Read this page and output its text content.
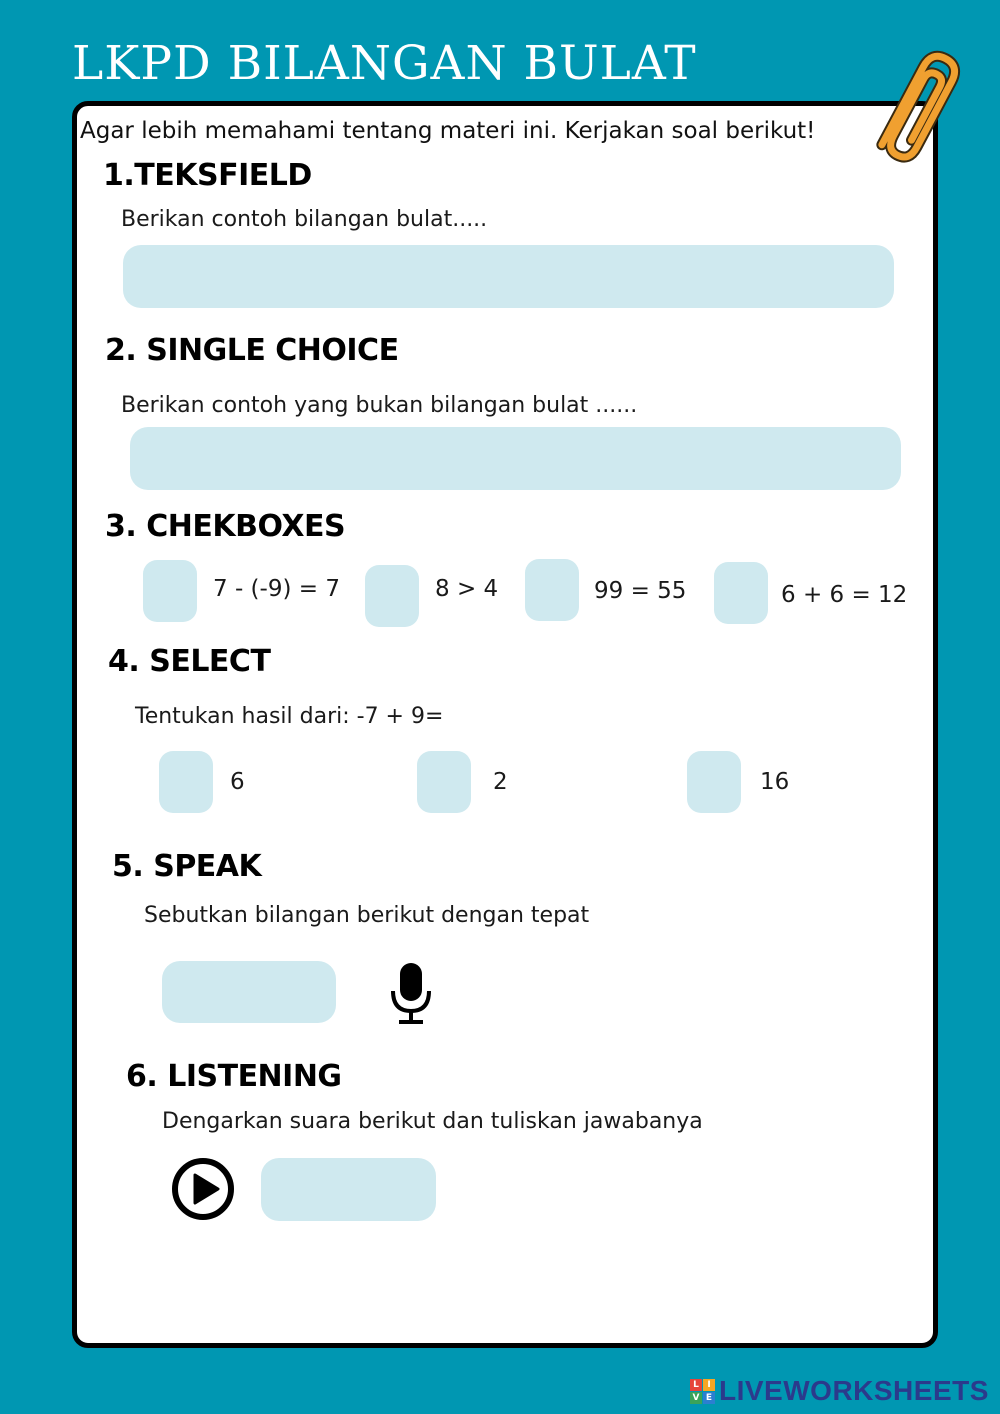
LKPD BILANGAN BULAT
Agar lebih memahami tentang materi ini. Kerjakan soal berikut!
1.TEKSFIELD
Berikan contoh bilangan bulat.....
2. SINGLE CHOICE
Berikan contoh yang bukan bilangan bulat ......
3. CHEKBOXES
7 - (-9) = 7	8 > 4	99 = 55	6 + 6 = 12
4. SELECT
Tentukan hasil dari: -7 + 9=
6	2	16
5. SPEAK
Sebutkan bilangan berikut dengan tepat
6. LISTENING
Dengarkan suara berikut dan tuliskan jawabanya
L I
V E LIVEWORKSHEETS
